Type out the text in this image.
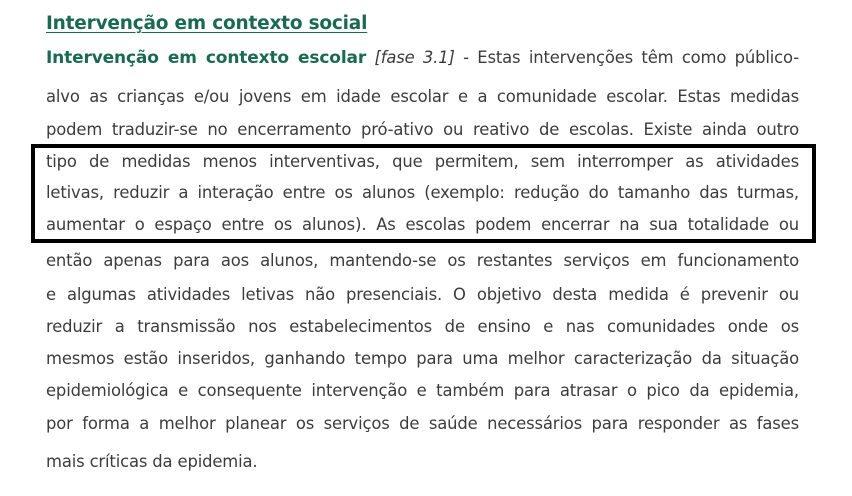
Intervenção em contexto social
Intervenção em contexto escolar [fase 3.1] - Estas intervenções têm como público-
alvo as crianças e/ou jovens em idade escolar e a comunidade escolar. Estas medidas
podem traduzir-se no encerramento pró-ativo ou reativo de escolas. Existe ainda outro
tipo de medidas menos interventivas, que permitem, sem interromper as atividades
letivas, reduzir a interação entre os alunos (exemplo: redução do tamanho das turmas,
aumentar o espaço entre os alunos). As escolas podem encerrar na sua totalidade ou
então apenas para aos alunos, mantendo-se os restantes serviços em funcionamento
e algumas atividades letivas não presenciais. O objetivo desta medida é prevenir ou
reduzir a transmissão nos estabelecimentos de ensino e nas comunidades onde os
mesmos estão inseridos, ganhando tempo para uma melhor caracterização da situação
epidemiológica e consequente intervenção e também para atrasar o pico da epidemia,
por forma a melhor planear os serviços de saúde necessários para responder as fases
mais críticas da epidemia.
